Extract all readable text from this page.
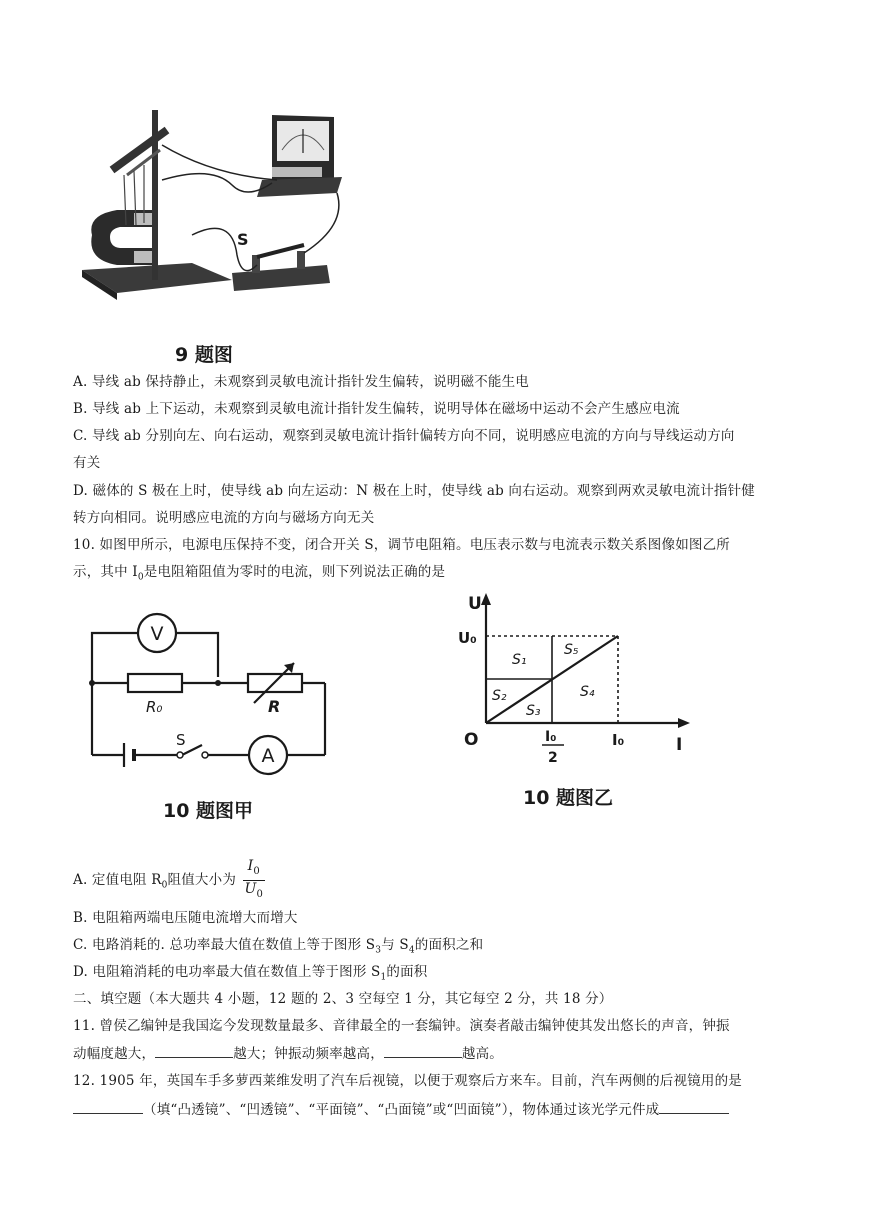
S
9 题图
A. 导线 ab 保持静止，未观察到灵敏电流计指针发生偏转，说明磁不能生电
B. 导线 ab 上下运动，未观察到灵敏电流计指针发生偏转，说明导体在磁场中运动不会产生感应电流
C. 导线 ab 分别向左、向右运动，观察到灵敏电流计指针偏转方向不同，说明感应电流的方向与导线运动方向
有关
D. 磁体的 S 极在上时，使导线 ab 向左运动：N 极在上时，使导线 ab 向右运动。观察到两欢灵敏电流计指针健
转方向相同。说明感应电流的方向与磁场方向无关
10. 如图甲所示，电源电压保持不变，闭合开关 S，调节电阻箱。电压表示数与电流表示数关系图像如图乙所
示，其中 $I_0$是电阻箱阻值为零时的电流，则下列说法正确的是
V
A
R₀	R
S
10 题图甲
U
I
O
U₀
I₀
I₀
2
S₁
S₂
S₃
S₄
S₅
10 题图乙
A. 定值电阻 $R_0$阻值大小为 $\frac{I_0}{U_0}$
B. 电阻箱两端电压随电流增大而增大
C. 电路消耗的. 总功率最大值在数值上等于图形 $S_3$与 $S_4$的面积之和
D. 电阻箱消耗的电功率最大值在数值上等于图形 $S_1$的面积
二、填空题（本大题共 4 小题，12 题的 2、3 空每空 1 分，其它每空 2 分，共 18 分）
11. 曾侯乙编钟是我国迄今发现数量最多、音律最全的一套编钟。演奏者敲击编钟使其发出悠长的声音，钟振
动幅度越大，	越大；钟振动频率越高，	越高。
12. 1905 年，英国车手多萝西莱维发明了汽车后视镜，以便于观察后方来车。目前，汽车两侧的后视镜用的是
（填“凸透镜”、“凹透镜”、“平面镜”、“凸面镜”或“凹面镜”），物体通过该光学元件成
